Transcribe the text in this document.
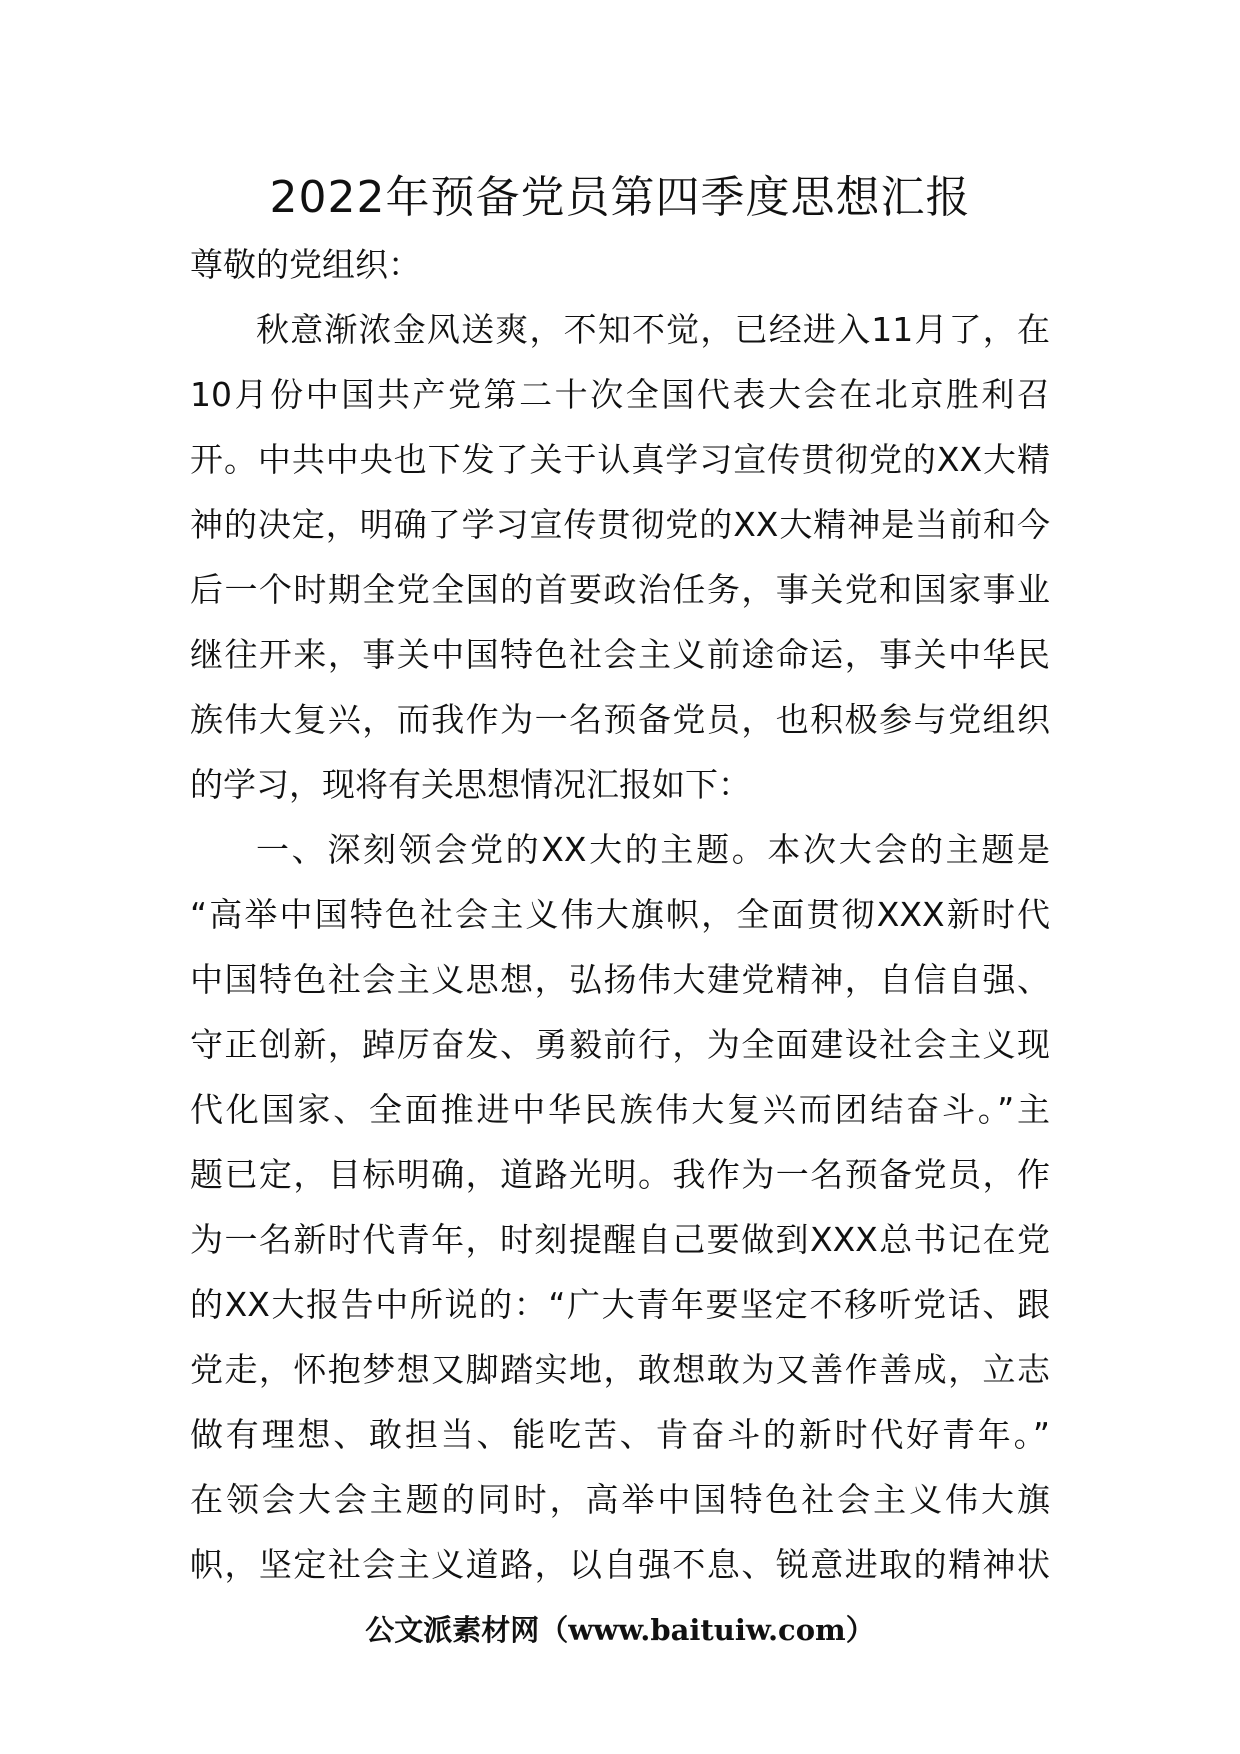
2022年预备党员第四季度思想汇报
尊敬的党组织：
秋意渐浓金风送爽，不知不觉，已经进入11月了，在
10月份中国共产党第二十次全国代表大会在北京胜利召
开。中共中央也下发了关于认真学习宣传贯彻党的XX大精
神的决定，明确了学习宣传贯彻党的XX大精神是当前和今
后一个时期全党全国的首要政治任务，事关党和国家事业
继往开来，事关中国特色社会主义前途命运，事关中华民
族伟大复兴，而我作为一名预备党员，也积极参与党组织
的学习，现将有关思想情况汇报如下：
一、深刻领会党的XX大的主题。本次大会的主题是
“高举中国特色社会主义伟大旗帜，全面贯彻XXX新时代
中国特色社会主义思想，弘扬伟大建党精神，自信自强、
守正创新，踔厉奋发、勇毅前行，为全面建设社会主义现
代化国家、全面推进中华民族伟大复兴而团结奋斗。”主
题已定，目标明确，道路光明。我作为一名预备党员，作
为一名新时代青年，时刻提醒自己要做到XXX总书记在党
的XX大报告中所说的：“广大青年要坚定不移听党话、跟
党走，怀抱梦想又脚踏实地，敢想敢为又善作善成，立志
做有理想、敢担当、能吃苦、肯奋斗的新时代好青年。”
在领会大会主题的同时，高举中国特色社会主义伟大旗
帜，坚定社会主义道路，以自强不息、锐意进取的精神状
公文派素材网（www.baituiw.com）
